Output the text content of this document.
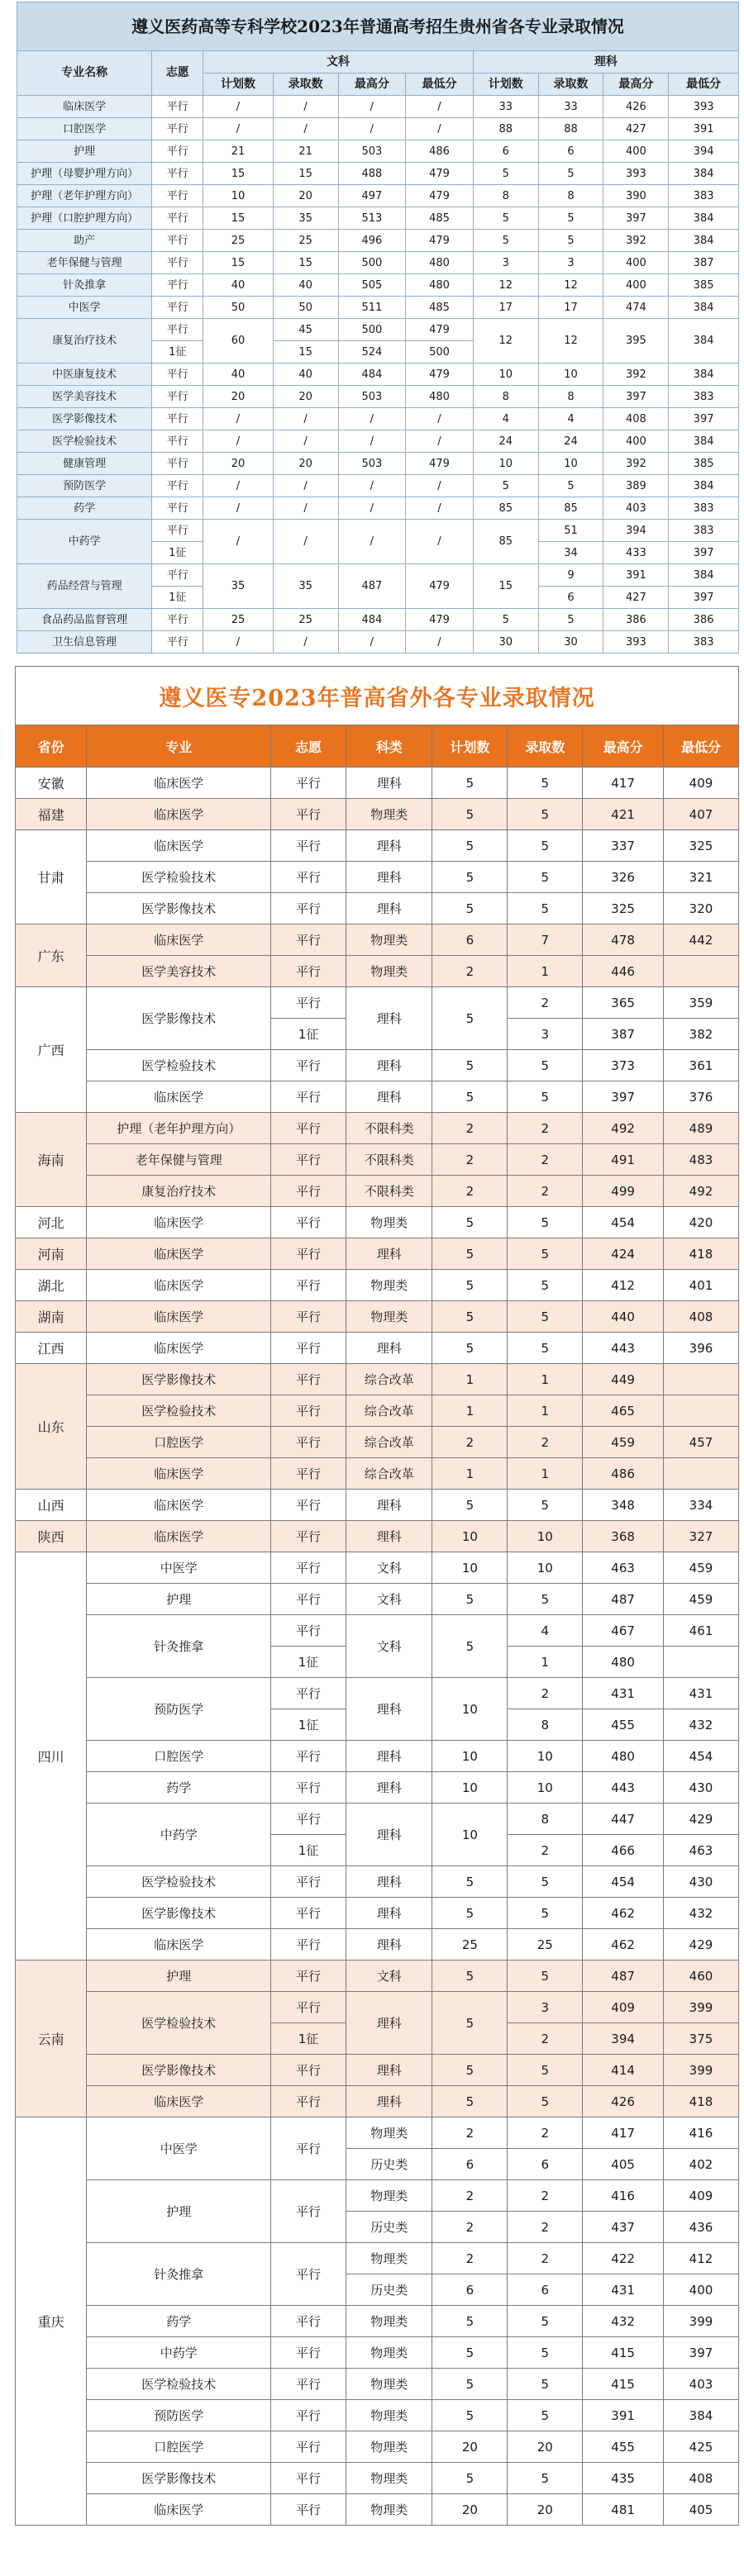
遵义医药高等专科学校2023年普通高考招生贵州省各专业录取情况									
专业名称	志愿	文科				理科			
		计划数	录取数	最高分	最低分	计划数	录取数	最高分	最低分
临床医学	平行	/	/	/	/	33	33	426	393
口腔医学	平行	/	/	/	/	88	88	427	391
护理	平行	21	21	503	486	6	6	400	394
护理（母婴护理方向）	平行	15	15	488	479	5	5	393	384
护理（老年护理方向）	平行	10	20	497	479	8	8	390	383
护理（口腔护理方向）	平行	15	35	513	485	5	5	397	384
助产	平行	25	25	496	479	5	5	392	384
老年保健与管理	平行	15	15	500	480	3	3	400	387
针灸推拿	平行	40	40	505	480	12	12	400	385
中医学	平行	50	50	511	485	17	17	474	384
康复治疗技术	平行	60	45	500	479	12	12	395	384
	1征		15	524	500				
中医康复技术	平行	40	40	484	479	10	10	392	384
医学美容技术	平行	20	20	503	480	8	8	397	383
医学影像技术	平行	/	/	/	/	4	4	408	397
医学检验技术	平行	/	/	/	/	24	24	400	384
健康管理	平行	20	20	503	479	10	10	392	385
预防医学	平行	/	/	/	/	5	5	389	384
药学	平行	/	/	/	/	85	85	403	383
中药学	平行	/	/	/	/	85	51	394	383
	1征						34	433	397
药品经营与管理	平行	35	35	487	479	15	9	391	384
	1征						6	427	397
食品药品监督管理	平行	25	25	484	479	5	5	386	386
卫生信息管理	平行	/	/	/	/	30	30	393	383
遵义医专2023年普高省外各专业录取情况							
省份	专业	志愿	科类	计划数	录取数	最高分	最低分
安徽	临床医学	平行	理科	5	5	417	409
福建	临床医学	平行	物理类	5	5	421	407
甘肃	临床医学	平行	理科	5	5	337	325
	医学检验技术	平行	理科	5	5	326	321
	医学影像技术	平行	理科	5	5	325	320
广东	临床医学	平行	物理类	6	7	478	442
	医学美容技术	平行	物理类	2	1	446	
广西	医学影像技术	平行	理科	5	2	365	359
		1征			3	387	382
	医学检验技术	平行	理科	5	5	373	361
	临床医学	平行	理科	5	5	397	376
海南	护理（老年护理方向）	平行	不限科类	2	2	492	489
	老年保健与管理	平行	不限科类	2	2	491	483
	康复治疗技术	平行	不限科类	2	2	499	492
河北	临床医学	平行	物理类	5	5	454	420
河南	临床医学	平行	理科	5	5	424	418
湖北	临床医学	平行	物理类	5	5	412	401
湖南	临床医学	平行	物理类	5	5	440	408
江西	临床医学	平行	理科	5	5	443	396
山东	医学影像技术	平行	综合改革	1	1	449	
	医学检验技术	平行	综合改革	1	1	465	
	口腔医学	平行	综合改革	2	2	459	457
	临床医学	平行	综合改革	1	1	486	
山西	临床医学	平行	理科	5	5	348	334
陕西	临床医学	平行	理科	10	10	368	327
四川	中医学	平行	文科	10	10	463	459
	护理	平行	文科	5	5	487	459
	针灸推拿	平行	文科	5	4	467	461
		1征			1	480	
	预防医学	平行	理科	10	2	431	431
		1征			8	455	432
	口腔医学	平行	理科	10	10	480	454
	药学	平行	理科	10	10	443	430
	中药学	平行	理科	10	8	447	429
		1征			2	466	463
	医学检验技术	平行	理科	5	5	454	430
	医学影像技术	平行	理科	5	5	462	432
	临床医学	平行	理科	25	25	462	429
云南	护理	平行	文科	5	5	487	460
	医学检验技术	平行	理科	5	3	409	399
		1征			2	394	375
	医学影像技术	平行	理科	5	5	414	399
	临床医学	平行	理科	5	5	426	418
重庆	中医学	平行	物理类	2	2	417	416
			历史类	6	6	405	402
	护理	平行	物理类	2	2	416	409
			历史类	2	2	437	436
	针灸推拿	平行	物理类	2	2	422	412
			历史类	6	6	431	400
	药学	平行	物理类	5	5	432	399
	中药学	平行	物理类	5	5	415	397
	医学检验技术	平行	物理类	5	5	415	403
	预防医学	平行	物理类	5	5	391	384
	口腔医学	平行	物理类	20	20	455	425
	医学影像技术	平行	物理类	5	5	435	408
	临床医学	平行	物理类	20	20	481	405
